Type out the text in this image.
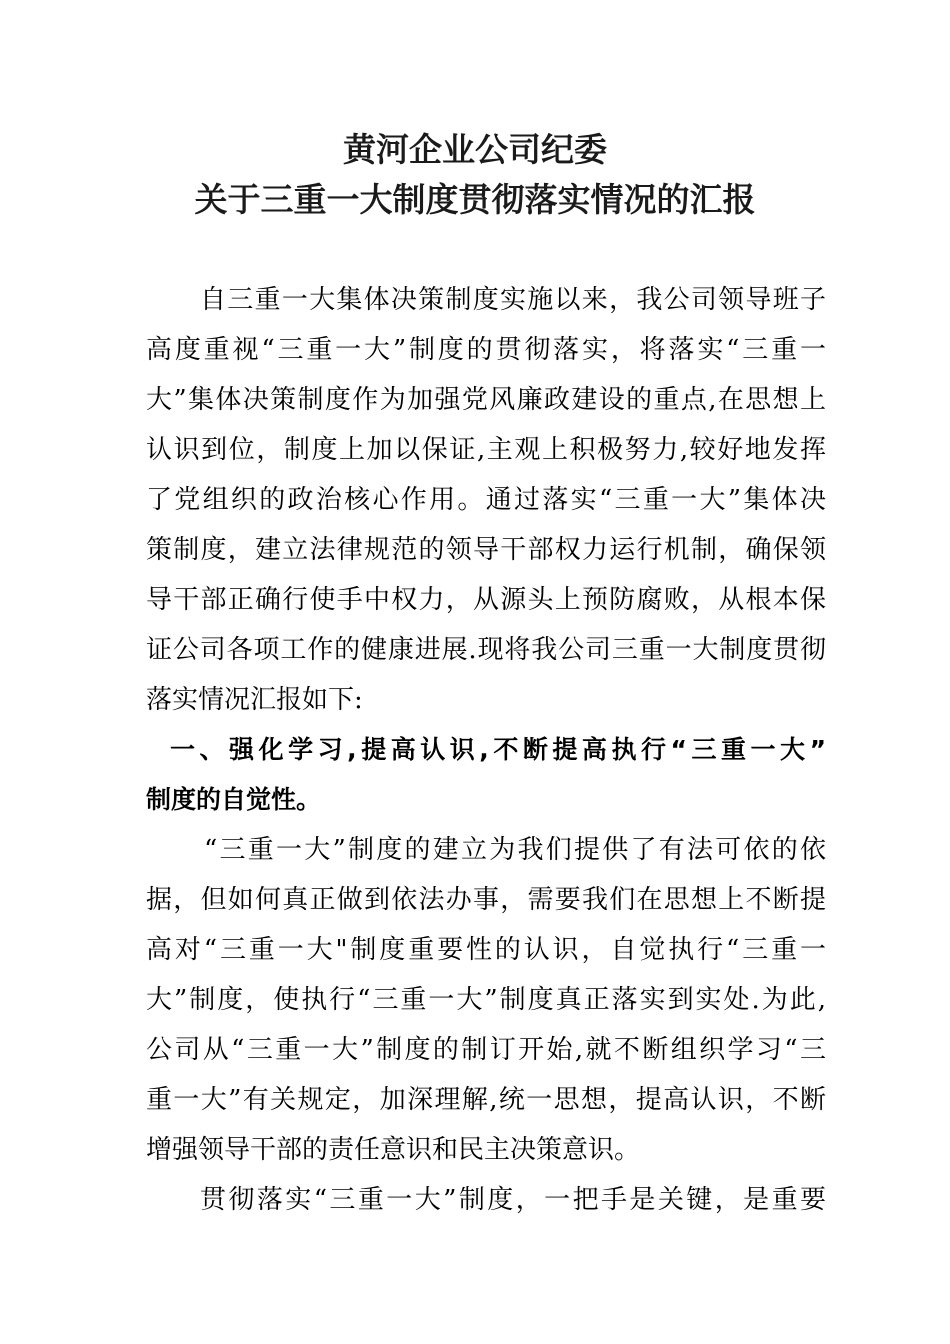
黄河企业公司纪委
关于三重一大制度贯彻落实情况的汇报
自三重一大集体决策制度实施以来，我公司领导班子
高度重视“三重一大”制度的贯彻落实，将落实“三重一
大”集体决策制度作为加强党风廉政建设的重点,在思想上
认识到位，制度上加以保证,主观上积极努力,较好地发挥
了党组织的政治核心作用。通过落实“三重一大”集体决
策制度，建立法律规范的领导干部权力运行机制，确保领
导干部正确行使手中权力，从源头上预防腐败，从根本保
证公司各项工作的健康进展.现将我公司三重一大制度贯彻
落实情况汇报如下:
一、强化学习,提高认识,不断提高执行“三重一大”
制度的自觉性。
“三重一大”制度的建立为我们提供了有法可依的依
据，但如何真正做到依法办事，需要我们在思想上不断提
高对“三重一大"制度重要性的认识，自觉执行“三重一
大”制度，使执行“三重一大”制度真正落实到实处.为此,
公司从“三重一大”制度的制订开始,就不断组织学习“三
重一大”有关规定，加深理解,统一思想，提高认识，不断
增强领导干部的责任意识和民主决策意识。
贯彻落实“三重一大”制度，一把手是关键，是重要
